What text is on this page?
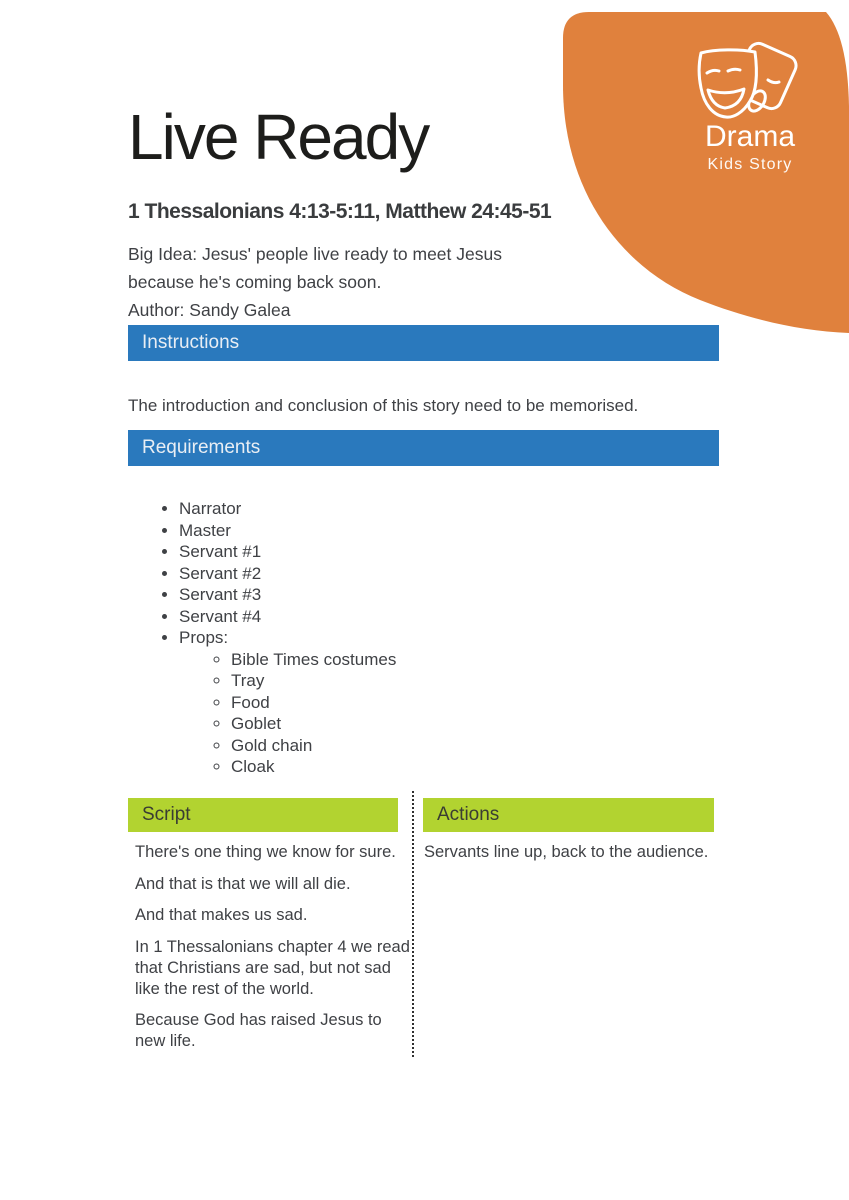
Drama
Kids Story
Live Ready
1 Thessalonians 4:13-5:11, Matthew 24:45-51
Big Idea: Jesus' people live ready to meet Jesus because he's coming back soon.
Author: Sandy Galea
Instructions
The introduction and conclusion of this story need to be memorised.
Requirements
• Narrator
• Master
• Servant #1
• Servant #2
• Servant #3
• Servant #4
• Props:
◦ Bible Times costumes
◦ Tray
◦ Food
◦ Goblet
◦ Gold chain
◦ Cloak
Script	Actions

There's one thing we know for sure.

And that is that we will all die.

And that makes us sad.

In 1 Thessalonians chapter 4 we read that Christians are sad, but not sad like the rest of the world.

Because God has raised Jesus to new life.

Servants line up, back to the audience.
